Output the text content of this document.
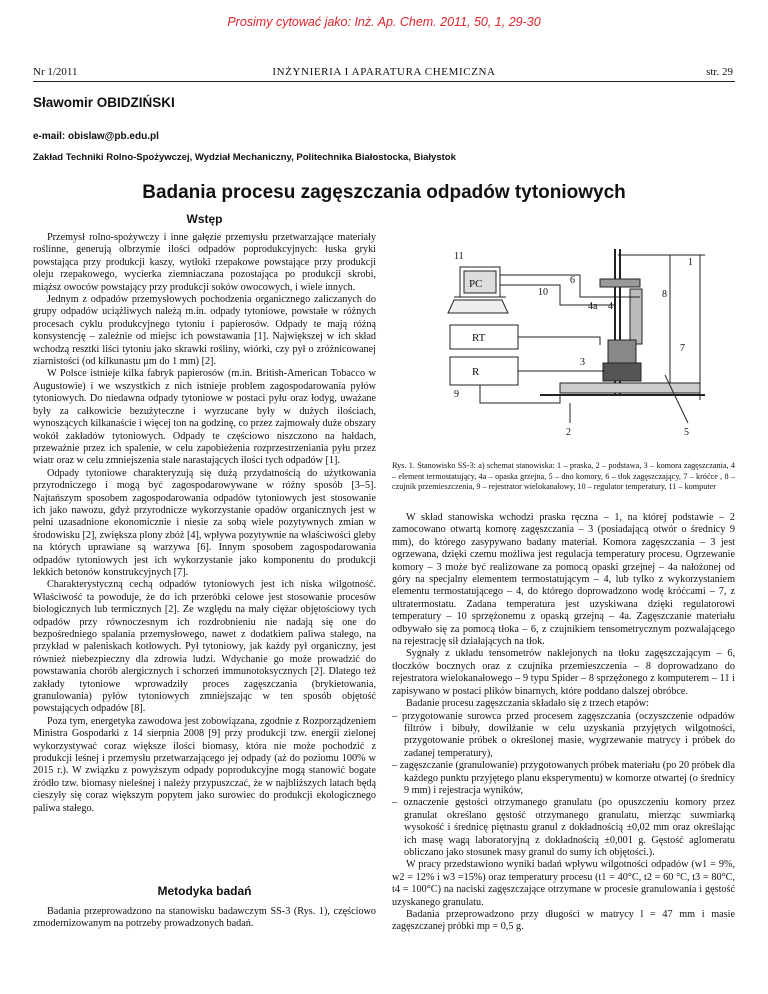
Prosimy cytować jako: Inż. Ap. Chem. 2011, 50, 1, 29-30
Nr 1/2011	INŻYNIERIA I APARATURA CHEMICZNA	str. 29
Sławomir OBIDZIŃSKI
e-mail: obislaw@pb.edu.pl
Zakład Techniki Rolno-Spożywczej, Wydział Mechaniczny, Politechnika Białostocka, Białystok
Badania procesu zagęszczania odpadów tytoniowych
Wstęp

Przemysł rolno-spożywczy i inne gałęzie przemysłu przetwarzające materiały roślinne, generują olbrzymie ilości odpadów poprodukcyjnych: łuska gryki powstająca przy produkcji kaszy, wytłoki rzepakowe powstające przy produkcji oleju rzepakowego, wycierka ziemniaczana pozostająca po produkcji skrobi, miąższ owoców powstający przy produkcji soków owocowych, i wiele innych.

Jednym z odpadów przemysłowych pochodzenia organicznego zaliczanych do grupy odpadów uciążliwych należą m.in. odpady tytoniowe, powstałe w różnych procesach cyklu produkcyjnego tytoniu i papierosów. Odpady te mają różną konsystencję – zależnie od miejsc ich powstawania [1]. Największej w ich skład wchodzą resztki liści tytoniu jako skrawki rośliny, wiórki, czy pył o zróżnicowanej ziarnistości (od kilkunastu µm do 1 mm) [2].

W Polsce istnieje kilka fabryk papierosów (m.in. British-American Tobacco w Augustowie) i we wszystkich z nich istnieje problem zagospodarowania pyłów tytoniowych. Do niedawna odpady tytoniowe w postaci pyłu oraz łodyg, uważane były za całkowicie bezużyteczne i wyrzucane były w dużych ilościach, wynoszących kilkanaście i więcej ton na godzinę, co przez zajmowały duże obszary wokół zakładów tytoniowych. Odpady te częściowo niszczono na hałdach, przeważnie przez ich spalenie, w celu zapobieżenia rozprzestrzeniania pyłu przez wiatr oraz w celu zmniejszenia stale narastających ilości tych odpadów [1].

Odpady tytoniowe charakteryzują się dużą przydatnością do użytkowania przyrodniczego i mogą być zagospodarowywane w różny sposób [3–5]. Najtańszym sposobem zagospodarowania odpadów tytoniowych jest stosowanie ich jako nawozu, gdyż przyrodnicze wykorzystanie opadów organicznych jest w pełni uzasadnione ekonomicznie i niesie za sobą wiele pozytywnych zmian w środowisku [2], zwiększa plony zbóż [4], wpływa pozytywnie na właściwości gleby na których uprawiane są warzywa [6]. Innym sposobem zagospodarowania odpadów tytoniowych jest ich wykorzystanie jako komponentu do produkcji lekkich betonów konstrukcyjnych [7].

Charakterystyczną cechą odpadów tytoniowych jest ich niska wilgotność. Właściwość ta powoduje, że do ich przeróbki celowe jest stosowanie procesów biologicznych lub termicznych [2]. Ze względu na mały ciężar objętościowy tych odpadów przy równoczesnym ich rozdrobnieniu nie nadają się one do bezpośredniego spalania przemysłowego, nawet z dodatkiem paliwa stałego, na przykład w paleniskach kotłowych. Pył tytoniowy, jak każdy pył organiczny, jest również niebezpieczny dla zdrowia ludzi. Wdychanie go może prowadzić do powstawania chorób alergicznych i schorzeń immunotoksycznych [2]. Dlatego też zakłady tytoniowe wprowadziły proces zagęszczania (brykietowania, granulowania) pyłów tytoniowych zmniejszając w ten sposób objętość powstających odpadów [8].

Poza tym, energetyka zawodowa jest zobowiązana, zgodnie z Rozporządzeniem Ministra Gospodarki z 14 sierpnia 2008 [9] przy produkcji tzw. energii zielonej wykorzystywać coraz większe ilości biomasy, która nie może pochodzić z produkcji leśnej i przemysłu przetwarzającego jej odpady (aż do poziomu 100% w 2015 r.). W związku z powyższym odpady poprodukcyjne mogą stanowić bogate źródło tzw. biomasy nieleśnej i należy przypuszczać, że w najbliższych latach będą cieszyły się coraz większym popytem jako surowiec do produkcji ekologicznego paliwa stałego.

Metodyka badań

Badania przeprowadzono na stanowisku badawczym SS-3 (Rys. 1), częściowo zmodernizowanym na potrzeby prowadzonych badań.

11
1
PC	6
10	8
4a 4
RT
R
7
3
9
2	5
Rys. 1. Stanowisko SS-3: a) schemat stanowiska: 1 – praska, 2 – podstawa, 3 – komora zagęszczania, 4 – element termostatujący, 4a – opaska grzejna, 5 – dno komory, 6 – tłok zagęszczający, 7 – króćce , 8 – czujnik przemieszczenia, 9 – rejestrator wielokanałowy, 10 – regulator temperatury, 11 – komputer

W skład stanowiska wchodzi praska ręczna – 1, na której podstawie – 2 zamocowano otwartą komorę zagęszczania – 3 (posiadającą otwór o średnicy 9 mm), do którego zasypywano badany materiał. Komora zagęszczania – 3 jest ogrzewana, dzięki czemu możliwa jest regulacja temperatury procesu. Ogrzewanie komory – 3 może być realizowane za pomocą opaski grzejnej – 4a nałożonej od góry na specjalny elementem termostatującym – 4, lub tylko z wykorzystaniem elementu termostatującego – 4, do którego doprowadzono wodę króćcami – 7, z ultratermostatu. Zadana temperatura jest uzyskiwana dzięki regulatorowi temperatury – 10 sprzężonemu z opaską grzejną – 4a. Zagęszczanie materiału odbywało się za pomocą tłoka – 6, z czujnikiem tensometrycznym pozwalającego na rejestrację sił działających na tłok.

Sygnały z układu tensometrów naklejonych na tłoku zagęszczającym – 6, tłoczków bocznych oraz z czujnika przemieszczenia – 8 doprowadzano do rejestratora wielokanałowego – 9 typu Spider – 8 sprzężonego z komputerem – 11 i zapisywano w postaci plików binarnych, które poddano dalszej obróbce.

Badanie procesu zagęszczania składało się z trzech etapów:

– przygotowanie surowca przed procesem zagęszczania (oczyszczenie odpadów filtrów i bibuły, dowilżanie w celu uzyskania przyjętych wilgotności, przygotowanie próbek o określonej masie, wygrzewanie matrycy i próbek do zadanej temperatury),

– zagęszczanie (granulowanie) przygotowanych próbek materiału (po 20 próbek dla każdego punktu przyjętego planu eksperymentu) w komorze otwartej (o średnicy 9 mm) i rejestracja wyników,

– oznaczenie gęstości otrzymanego granulatu (po opuszczeniu komory przez granulat określano gęstość otrzymanego granulatu, mierząc suwmiarką wysokość i średnicę piętnastu granul z dokładnością ±0,02 mm oraz określając ich masę wagą laboratoryjną z dokładnością ±0,001 g. Gęstość aglomeratu obliczano jako stosunek masy granul do sumy ich objętości.).

W pracy przedstawiono wyniki badań wpływu wilgotności odpadów (w1 = 9%, w2 = 12% i w3 =15%) oraz temperatury procesu (t1 = 40°C, t2 = 60 °C, t3 = 80°C, t4 = 100°C) na naciski zagęszczające otrzymane w procesie granulowania i gęstość uzyskanego granulatu.

Badania przeprowadzono przy długości w matrycy l = 47 mm i masie zagęszczanej próbki mp = 0,5 g.
